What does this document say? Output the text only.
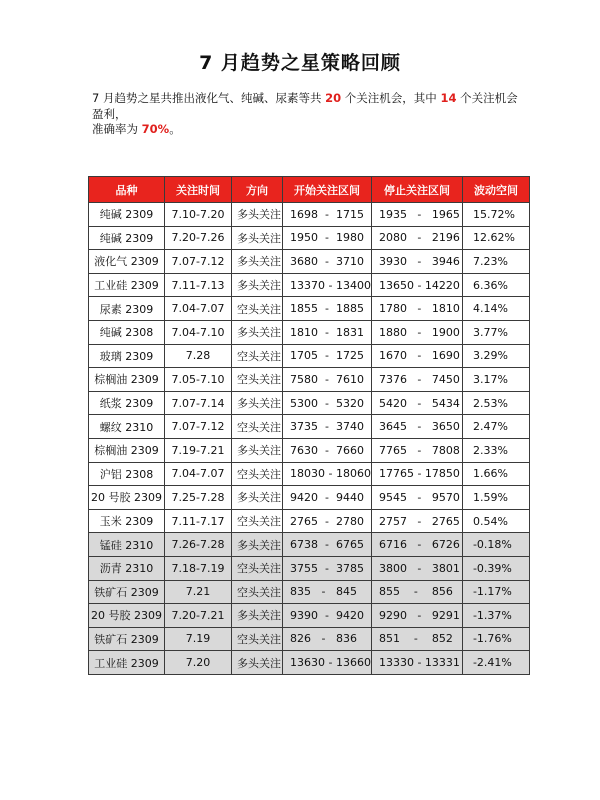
7 月趋势之星策略回顾
7 月趋势之星共推出液化气、纯碱、尿素等共 20 个关注机会，其中 14 个关注机会盈利，
准确率为 70%。
品种	关注时间	方向	开始关注区间	停止关注区间	波动空间
纯碱 2309	7.10-7.20	多头关注	1698  -  1715	1935   -   1965	15.72%
纯碱 2309	7.20-7.26	多头关注	1950  -  1980	2080   -   2196	12.62%
液化气 2309	7.07-7.12	多头关注	3680  -  3710	3930   -   3946	7.23%
工业硅 2309	7.11-7.13	多头关注	13370 - 13400	13650 - 14220	6.36%
尿素 2309	7.04-7.07	空头关注	1855  -  1885	1780   -   1810	4.14%
纯碱 2308	7.04-7.10	多头关注	1810  -  1831	1880   -   1900	3.77%
玻璃 2309	7.28	空头关注	1705  -  1725	1670   -   1690	3.29%
棕榈油 2309	7.05-7.10	空头关注	7580  -  7610	7376   -   7450	3.17%
纸浆 2309	7.07-7.14	多头关注	5300  -  5320	5420   -   5434	2.53%
螺纹 2310	7.07-7.12	空头关注	3735  -  3740	3645   -   3650	2.47%
棕榈油 2309	7.19-7.21	多头关注	7630  -  7660	7765   -   7808	2.33%
沪铝 2308	7.04-7.07	空头关注	18030 - 18060	17765 - 17850	1.66%
20 号胶 2309	7.25-7.28	多头关注	9420  -  9440	9545   -   9570	1.59%
玉米 2309	7.11-7.17	空头关注	2765  -  2780	2757   -   2765	0.54%
锰硅 2310	7.26-7.28	多头关注	6738  -  6765	6716   -   6726	-0.18%
沥青 2310	7.18-7.19	空头关注	3755  -  3785	3800   -   3801	-0.39%
铁矿石 2309	7.21	空头关注	835   -   845	855    -    856	-1.17%
20 号胶 2309	7.20-7.21	多头关注	9390  -  9420	9290   -   9291	-1.37%
铁矿石 2309	7.19	空头关注	826   -   836	851    -    852	-1.76%
工业硅 2309	7.20	多头关注	13630 - 13660	13330 - 13331	-2.41%
